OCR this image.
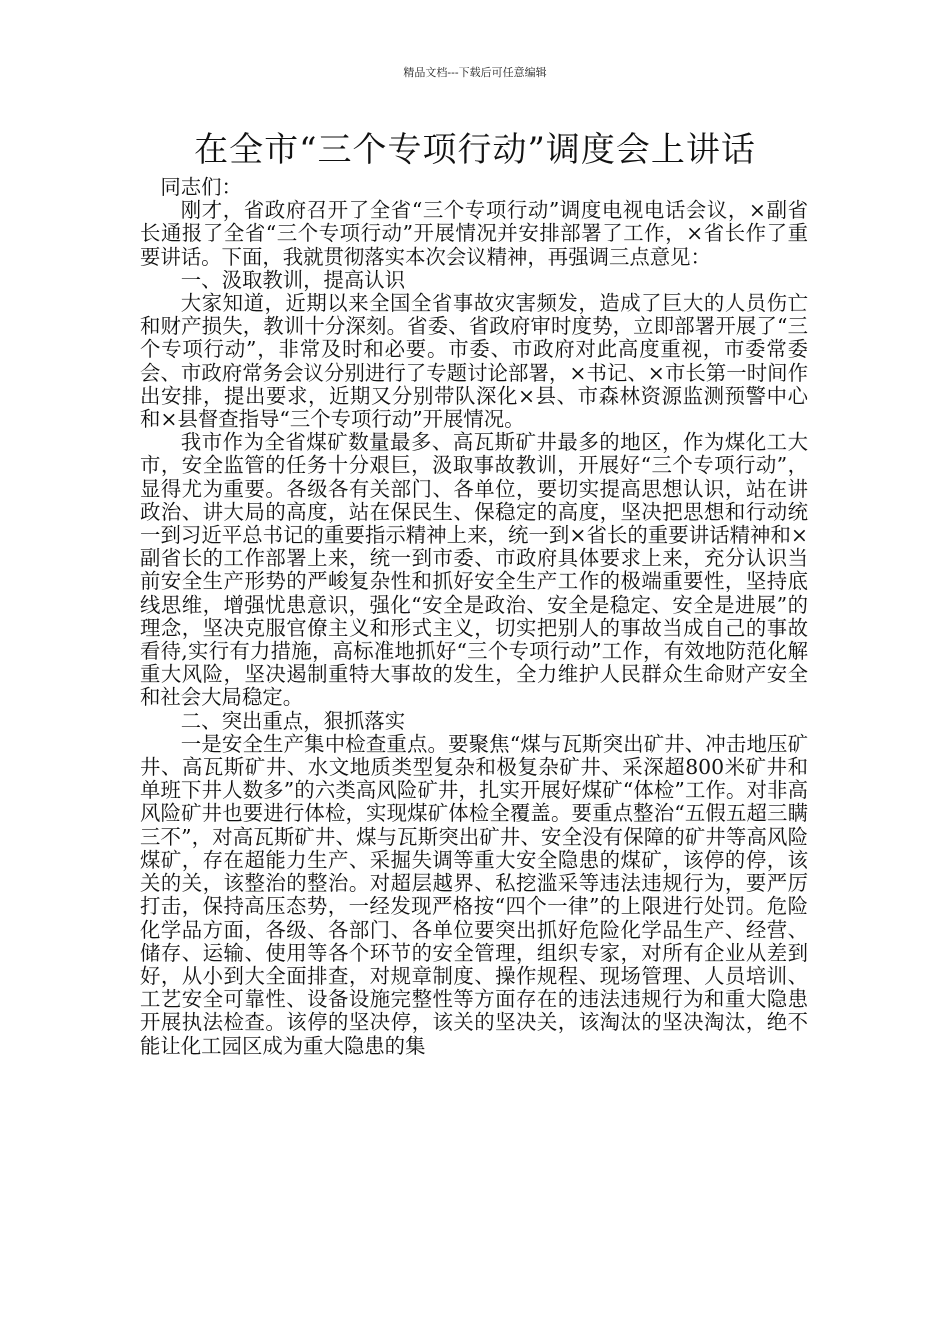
精品文档---下载后可任意编辑
在全市“三个专项行动”调度会上讲话

同志们：

刚才，省政府召开了全省“三个专项行动”调度电视电话会议，×副省长通报了全省“三个专项行动”开展情况并安排部署了工作，×省长作了重要讲话。下面，我就贯彻落实本次会议精神，再强调三点意见：

一、汲取教训，提高认识

大家知道，近期以来全国全省事故灾害频发，造成了巨大的人员伤亡和财产损失，教训十分深刻。省委、省政府审时度势，立即部署开展了“三个专项行动”，非常及时和必要。市委、市政府对此高度重视，市委常委会、市政府常务会议分别进行了专题讨论部署，×书记、×市长第一时间作出安排，提出要求，近期又分别带队深化×县、市森林资源监测预警中心和×县督查指导“三个专项行动”开展情况。

我市作为全省煤矿数量最多、高瓦斯矿井最多的地区，作为煤化工大市，安全监管的任务十分艰巨，汲取事故教训，开展好“三个专项行动”，显得尤为重要。各级各有关部门、各单位，要切实提高思想认识，站在讲政治、讲大局的高度，站在保民生、保稳定的高度，坚决把思想和行动统一到习近平总书记的重要指示精神上来，统一到×省长的重要讲话精神和×副省长的工作部署上来，统一到市委、市政府具体要求上来，充分认识当前安全生产形势的严峻复杂性和抓好安全生产工作的极端重要性，坚持底线思维，增强忧患意识，强化“安全是政治、安全是稳定、安全是进展”的理念，坚决克服官僚主义和形式主义，切实把别人的事故当成自己的事故看待,实行有力措施，高标准地抓好“三个专项行动”工作，有效地防范化解重大风险，坚决遏制重特大事故的发生，全力维护人民群众生命财产安全和社会大局稳定。

二、突出重点，狠抓落实

一是安全生产集中检查重点。要聚焦“煤与瓦斯突出矿井、冲击地压矿井、高瓦斯矿井、水文地质类型复杂和极复杂矿井、采深超800米矿井和单班下井人数多”的六类高风险矿井，扎实开展好煤矿“体检”工作。对非高风险矿井也要进行体检，实现煤矿体检全覆盖。要重点整治“五假五超三瞒三不”，对高瓦斯矿井、煤与瓦斯突出矿井、安全没有保障的矿井等高风险煤矿，存在超能力生产、采掘失调等重大安全隐患的煤矿，该停的停，该关的关，该整治的整治。对超层越界、私挖滥采等违法违规行为，要严厉打击，保持高压态势，一经发现严格按“四个一律”的上限进行处罚。危险化学品方面，各级、各部门、各单位要突出抓好危险化学品生产、经营、储存、运输、使用等各个环节的安全管理，组织专家，对所有企业从差到好，从小到大全面排查，对规章制度、操作规程、现场管理、人员培训、工艺安全可靠性、设备设施完整性等方面存在的违法违规行为和重大隐患开展执法检查。该停的坚决停，该关的坚决关，该淘汰的坚决淘汰，绝不能让化工园区成为重大隐患的集
